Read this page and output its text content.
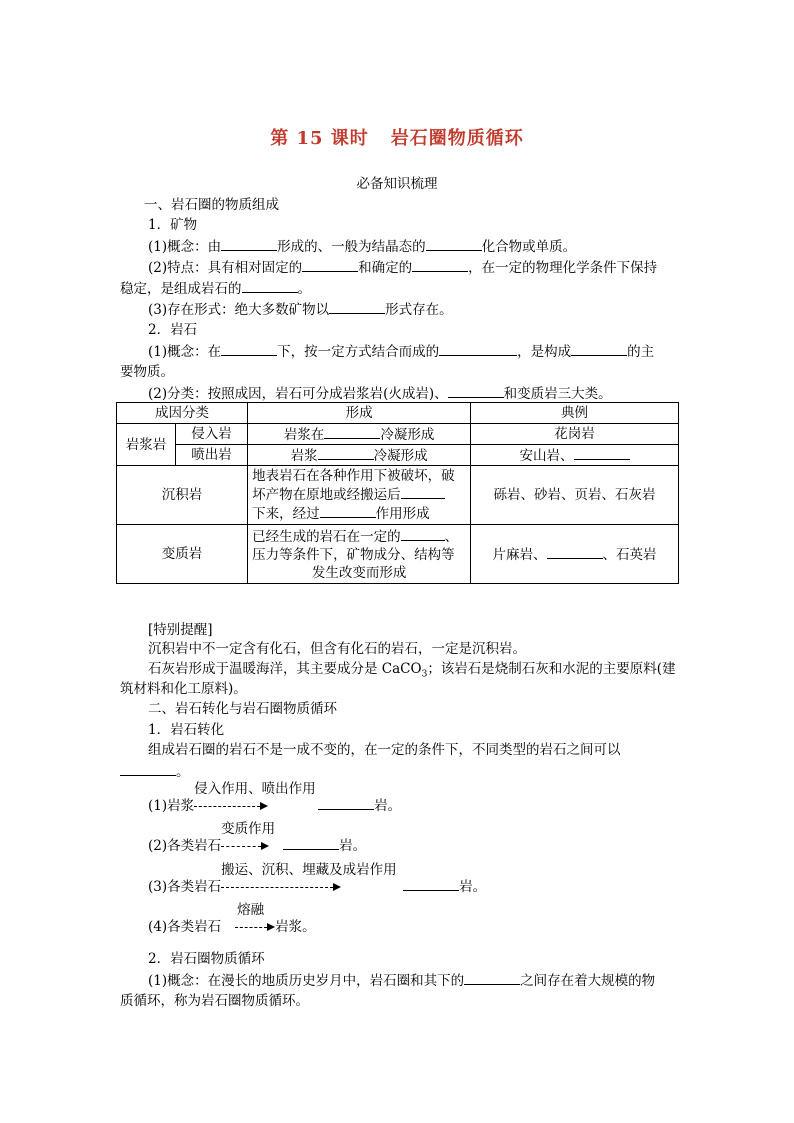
第 15 课时 岩石圈物质循环
必备知识梳理
一、岩石圈的物质组成
1．矿物
(1)概念：由	形成的、一般为结晶态的	化合物或单质。
(2)特点：具有相对固定的	和确定的	，在一定的物理化学条件下保持
稳定，是组成岩石的	。
(3)存在形式：绝大多数矿物以	形式存在。
2．岩石
(1)概念：在	下，按一定方式结合而成的	，是构成	的主
要物质。
(2)分类：按照成因，岩石可分成岩浆岩(火成岩)、	和变质岩三大类。
成因分类		形成	典例
岩浆岩	侵入岩	岩浆在 冷凝形成	花岗岩
	喷出岩	岩浆 冷凝形成	安山岩、
沉积岩		地表岩石在各种作用下被破坏，破
坏产物在原地或经搬运后
下来，经过 作用形成	砾岩、砂岩、页岩、石灰岩
变质岩		已经生成的岩石在一定的 、
压力等条件下，矿物成分、结构等
发生改变而形成	片麻岩、 、石英岩
[特别提醒]
沉积岩中不一定含有化石，但含有化石的岩石，一定是沉积岩。
石灰岩形成于温暖海洋，其主要成分是 CaCO$_3$；该岩石是烧制石灰和水泥的主要原料(建
筑材料和化工原料)。
二、岩石转化与岩石圈物质循环
1．岩石转化
组成岩石圈的岩石不是一成不变的，在一定的条件下，不同类型的岩石之间可以
。
(1)岩浆
侵入作用、喷出作用
岩。
(2)各类岩石
变质作用
岩。
(3)各类岩石
搬运、沉积、埋藏及成岩作用
岩。
(4)各类岩石
熔融
岩浆。
2．岩石圈物质循环
(1)概念：在漫长的地质历史岁月中，岩石圈和其下的	之间存在着大规模的物
质循环，称为岩石圈物质循环。
